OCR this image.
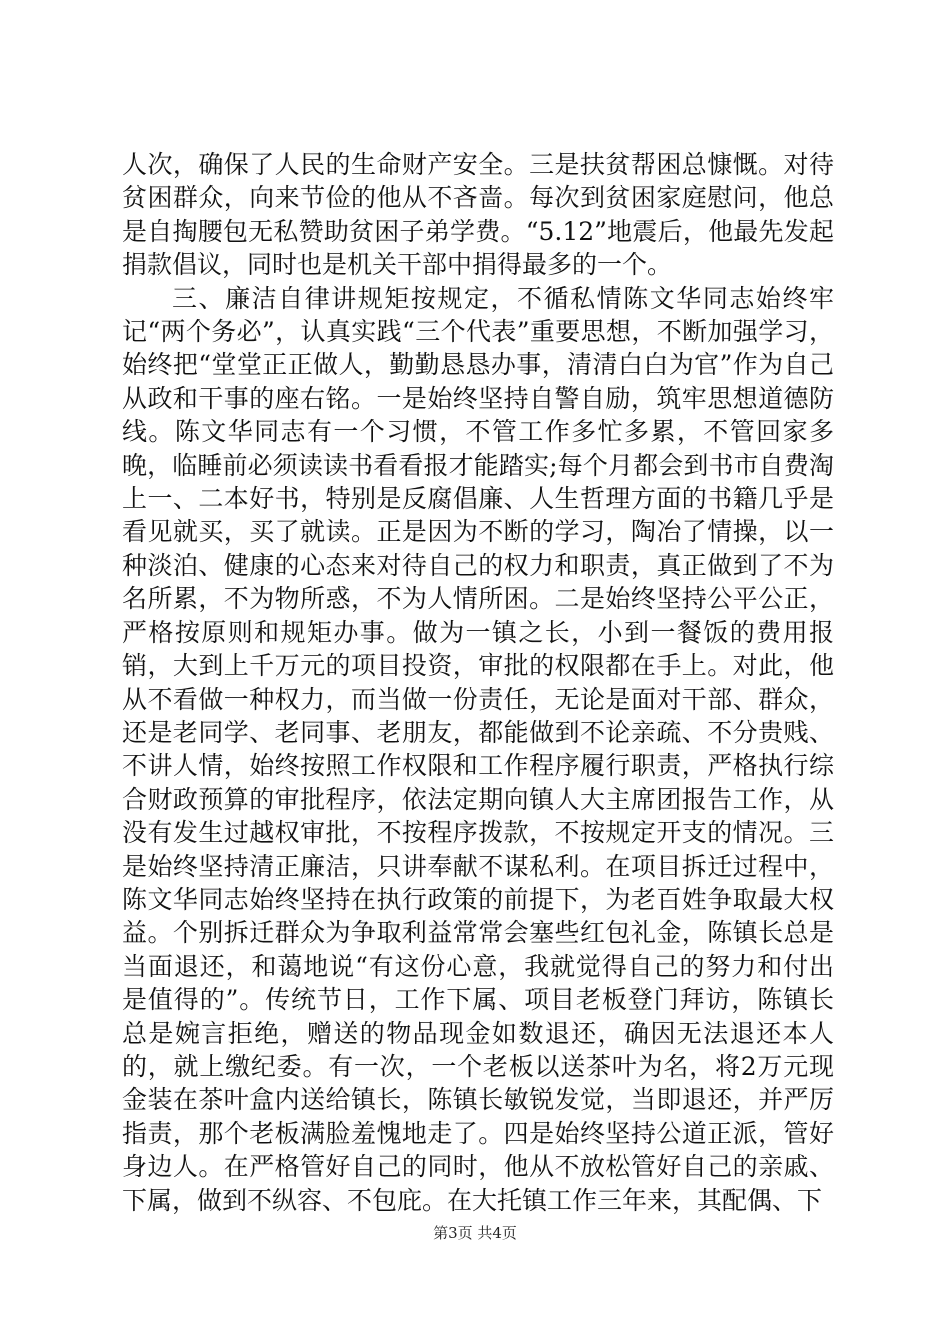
人次，确保了人民的生命财产安全。三是扶贫帮困总慷慨。对待贫困群众，向来节俭的他从不吝啬。每次到贫困家庭慰问，他总是自掏腰包无私赞助贫困子弟学费。“5.12”地震后，他最先发起捐款倡议，同时也是机关干部中捐得最多的一个。

三、廉洁自律讲规矩按规定，不循私情陈文华同志始终牢记“两个务必”，认真实践“三个代表”重要思想，不断加强学习，始终把“堂堂正正做人，勤勤恳恳办事，清清白白为官”作为自己从政和干事的座右铭。一是始终坚持自警自励，筑牢思想道德防线。陈文华同志有一个习惯，不管工作多忙多累，不管回家多晚，临睡前必须读读书看看报才能踏实;每个月都会到书市自费淘上一、二本好书，特别是反腐倡廉、人生哲理方面的书籍几乎是看见就买，买了就读。正是因为不断的学习，陶冶了情操，以一种淡泊、健康的心态来对待自己的权力和职责，真正做到了不为名所累，不为物所惑，不为人情所困。二是始终坚持公平公正，严格按原则和规矩办事。做为一镇之长，小到一餐饭的费用报销，大到上千万元的项目投资，审批的权限都在手上。对此，他从不看做一种权力，而当做一份责任，无论是面对干部、群众，还是老同学、老同事、老朋友，都能做到不论亲疏、不分贵贱、不讲人情，始终按照工作权限和工作程序履行职责，严格执行综合财政预算的审批程序，依法定期向镇人大主席团报告工作，从没有发生过越权审批，不按程序拨款，不按规定开支的情况。三是始终坚持清正廉洁，只讲奉献不谋私利。在项目拆迁过程中，陈文华同志始终坚持在执行政策的前提下，为老百姓争取最大权益。个别拆迁群众为争取利益常常会塞些红包礼金，陈镇长总是当面退还，和蔼地说“有这份心意，我就觉得自己的努力和付出是值得的”。传统节日，工作下属、项目老板登门拜访，陈镇长总是婉言拒绝，赠送的物品现金如数退还，确因无法退还本人的，就上缴纪委。有一次，一个老板以送茶叶为名，将2万元现金装在茶叶盒内送给镇长，陈镇长敏锐发觉，当即退还，并严厉指责，那个老板满脸羞愧地走了。四是始终坚持公道正派，管好身边人。在严格管好自己的同时，他从不放松管好自己的亲戚、下属，做到不纵容、不包庇。在大托镇工作三年来，其配偶、下

第3页 共4页
